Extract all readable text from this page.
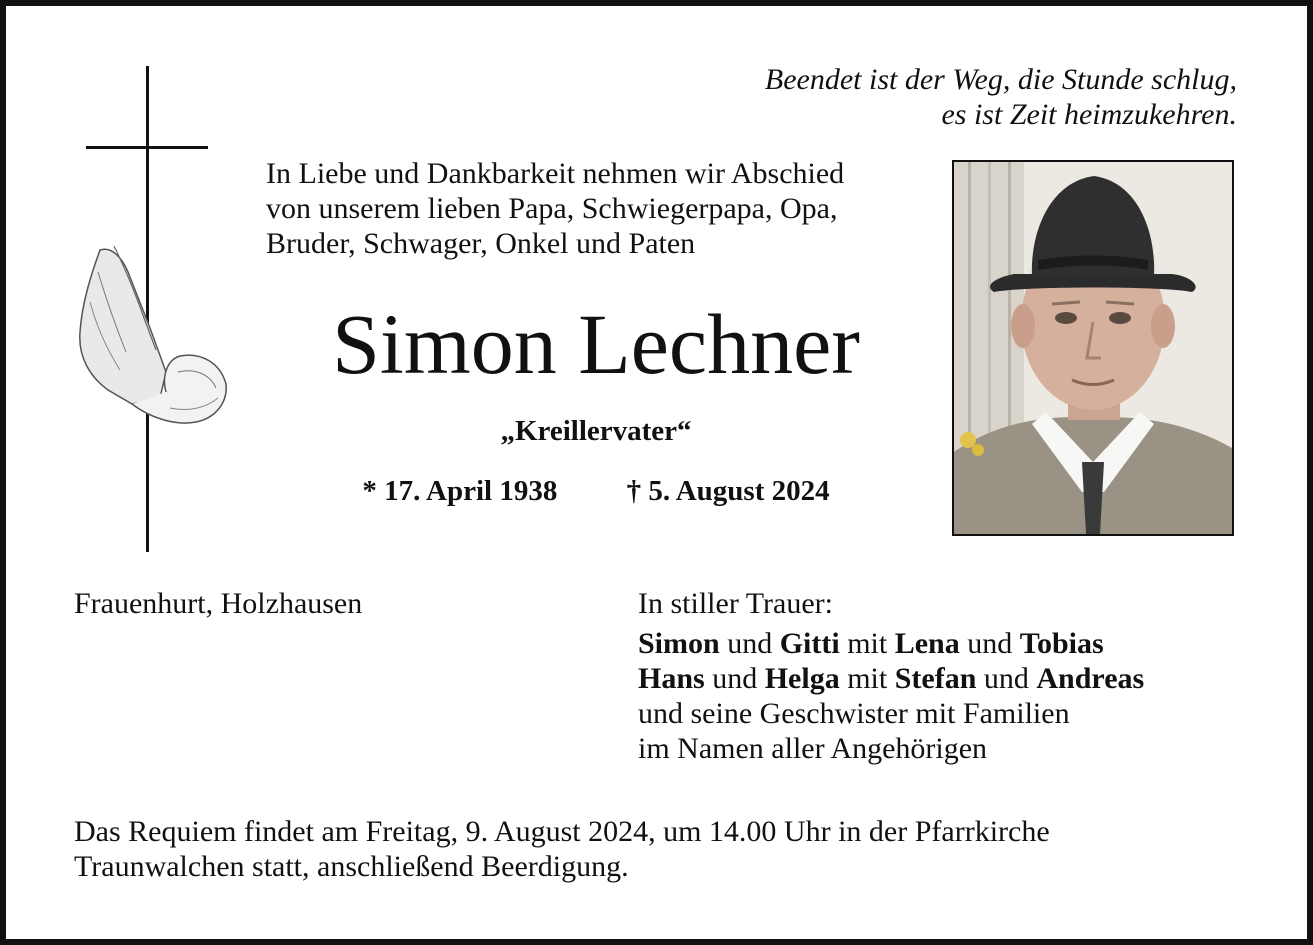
Beendet ist der Weg, die Stunde schlug,
es ist Zeit heimzukehren.
In Liebe und Dankbarkeit nehmen wir Abschied
von unserem lieben Papa, Schwiegerpapa, Opa,
Bruder, Schwager, Onkel und Paten
Simon Lechner
„Kreillervater“
* 17. April 1938 † 5. August 2024
Frauenhurt, Holzhausen	In stiller Trauer:
Simon und Gitti mit Lena und Tobias
Hans und Helga mit Stefan und Andreas
und seine Geschwister mit Familien
im Namen aller Angehörigen
Das Requiem findet am Freitag, 9. August 2024, um 14.00 Uhr in der Pfarrkirche
Traunwalchen statt, anschließend Beerdigung.
